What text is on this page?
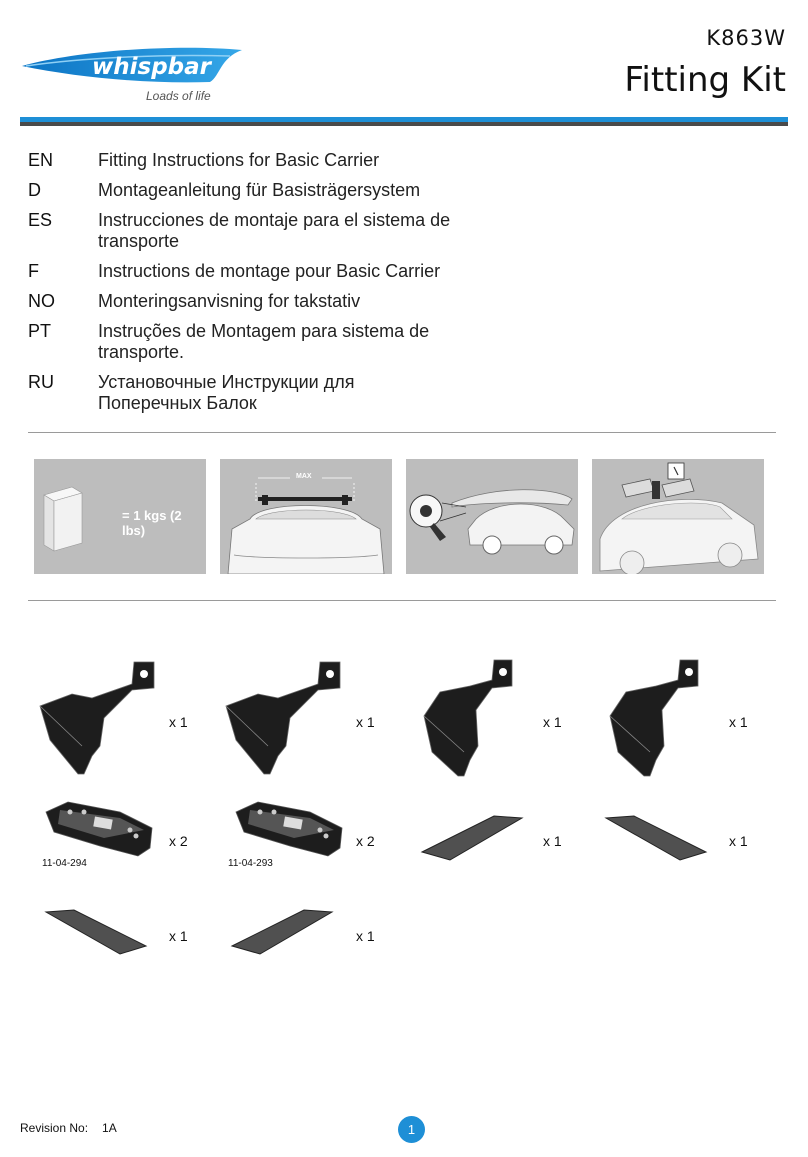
whispbar
Loads of life
K863W
Fitting Kit
EN	Fitting Instructions for Basic Carrier
D	Montageanleitung für Basisträgersystem
ES	Instrucciones de montaje para el sistema de transporte
F	Instructions de montage pour Basic Carrier
NO	Monteringsanvisning for takstativ
PT	Instruções de Montagem para sistema de transporte.
RU	Установочные Инструкции для Поперечных Балок
= 1 kgs (2 lbs)
MAX
x 1	x 1	x 1	x 1
11-04-294
x 2
11-04-293
x 2	x 1	x 1
x 1	x 1
Revision No: 1A	1
